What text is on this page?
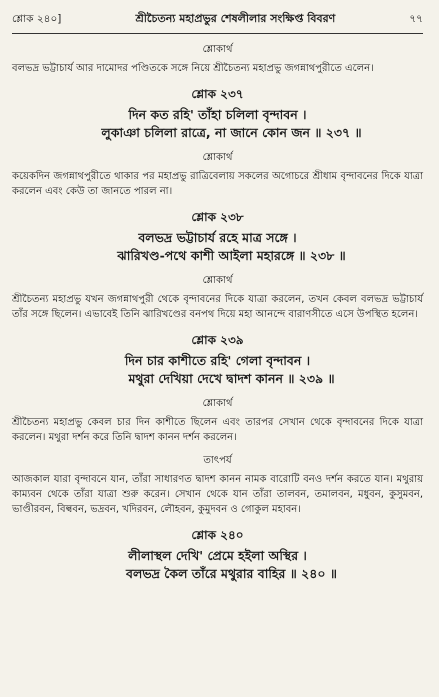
শ্লোক ২৪০]	শ্রীচৈতন্য মহাপ্রভুর শেষলীলার সংক্ষিপ্ত বিবরণ	৭৭
শ্লোকার্থ
বলভদ্র ভট্টাচার্য আর দামোদর পণ্ডিতকে সঙ্গে নিয়ে শ্রীচৈতন্য মহাপ্রভু জগন্নাথপুরীতে এলেন।
শ্লোক ২৩৭
দিন কত রহি' তাঁহা চলিলা বৃন্দাবন ।
লুকাঞা চলিলা রাত্রে, না জানে কোন জন ॥ ২৩৭ ॥
শ্লোকার্থ
কয়েকদিন জগন্নাথপুরীতে থাকার পর মহাপ্রভু রাত্রিবেলায় সকলের অগোচরে শ্রীধাম বৃন্দাবনের দিকে যাত্রা করলেন এবং কেউ তা জানতে পারল না।
শ্লোক ২৩৮
বলভদ্র ভট্টাচার্য রহে মাত্র সঙ্গে ।
ঝারিখণ্ড-পথে কাশী আইলা মহারঙ্গে ॥ ২৩৮ ॥
শ্লোকার্থ
শ্রীচৈতন্য মহাপ্রভু যখন জগন্নাথপুরী থেকে বৃন্দাবনের দিকে যাত্রা করলেন, তখন কেবল বলভদ্র ভট্টাচার্য তাঁর সঙ্গে ছিলেন। এভাবেই তিনি ঝারিখণ্ডের বনপথ দিয়ে মহা আনন্দে বারাণসীতে এসে উপস্থিত হলেন।
শ্লোক ২৩৯
দিন চার কাশীতে রহি' গেলা বৃন্দাবন ।
মথুরা দেখিয়া দেখে দ্বাদশ কানন ॥ ২৩৯ ॥
শ্লোকার্থ
শ্রীচৈতন্য মহাপ্রভু কেবল চার দিন কাশীতে ছিলেন এবং তারপর সেখান থেকে বৃন্দাবনের দিকে যাত্রা করলেন। মথুরা দর্শন করে তিনি দ্বাদশ কানন দর্শন করলেন।
তাৎপর্য
আজকাল যারা বৃন্দাবনে যান, তাঁরা সাধারণত দ্বাদশ কানন নামক বারোটি বনও দর্শন করতে যান। মথুরায় কাম্যবন থেকে তাঁরা যাত্রা শুরু করেন। সেখান থেকে যান তাঁরা তালবন, তমালবন, মধুবন, কুসুমবন, ভাণ্ডীরবন, বিল্ববন, ভদ্রবন, খদিরবন, লৌহবন, কুমুদবন ও গোকুল মহাবন।
শ্লোক ২৪০
লীলাস্থল দেখি' প্রেমে হইলা অস্থির ।
বলভদ্র কৈল তাঁরে মথুরার বাহির ॥ ২৪০ ॥
